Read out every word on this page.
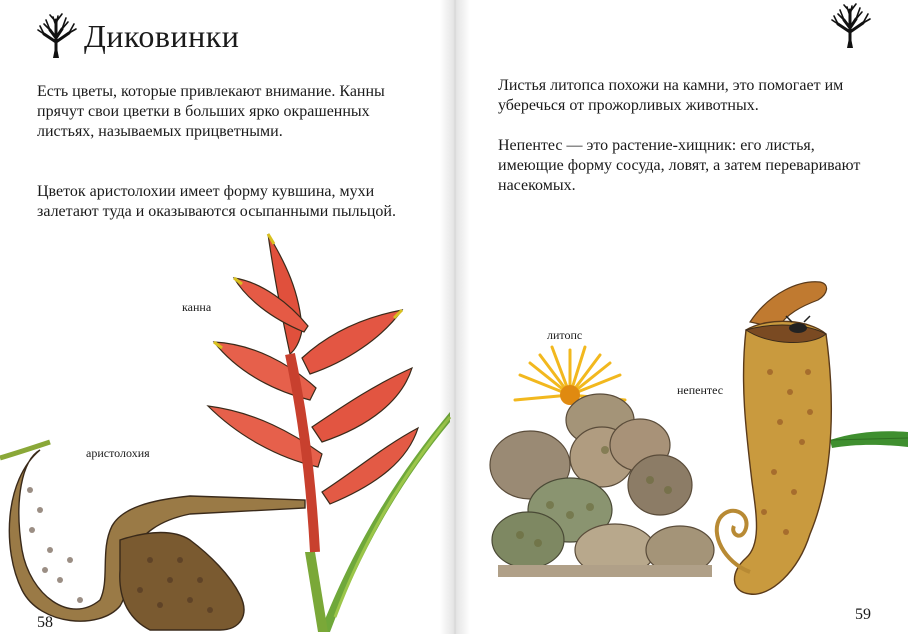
Диковинки

Есть цветы, которые привлекают внимание. Канны прячут свои цветки в больших ярко окрашенных листьях, называемых прицветными.

Цветок аристолохии имеет форму кувшина, мухи залетают туда и оказываются осыпанными пыльцой.

канна
аристолохия
58

Листья литопса похожи на камни, это помогает им уберечься от прожорливых животных.

Непентес — это растение-хищник: его листья, имеющие форму сосуда, ловят, а затем переваривают насекомых.

литопс
непентес
59
